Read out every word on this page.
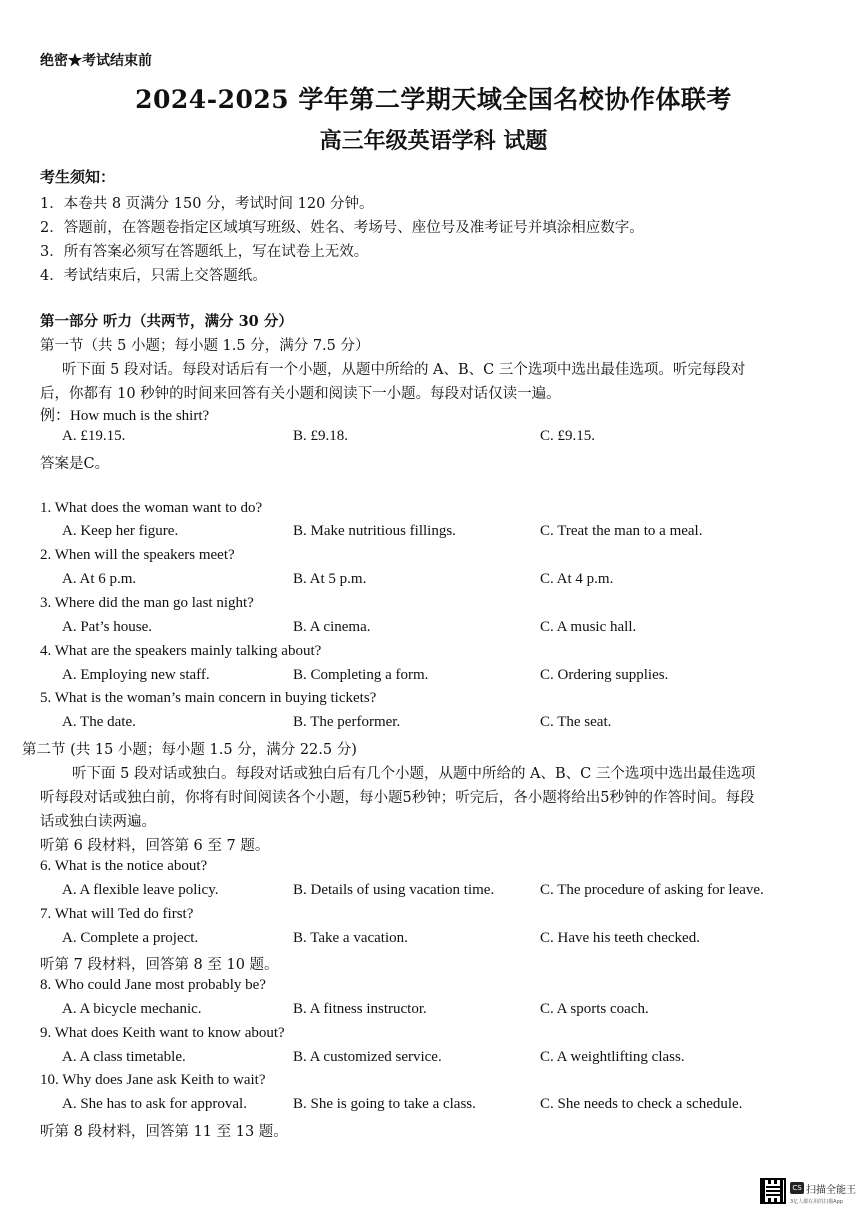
绝密★考试结束前
2024-2025 学年第二学期天域全国名校协作体联考
高三年级英语学科 试题
考生须知：
1．本卷共 8 页满分 150 分，考试时间 120 分钟。
2．答题前，在答题卷指定区域填写班级、姓名、考场号、座位号及准考证号并填涂相应数字。
3．所有答案必须写在答题纸上，写在试卷上无效。
4．考试结束后，只需上交答题纸。
第一部分 听力（共两节，满分 30 分）
第一节（共 5 小题；每小题 1.5 分，满分 7.5 分）
听下面 5 段对话。每段对话后有一个小题，从题中所给的 A、B、C 三个选项中选出最佳选项。听完每段对
后，你都有 10 秒钟的时间来回答有关小题和阅读下一小题。每段对话仅读一遍。
例：How much is the shirt?
A. £19.15.	B. £9.18.	C. £9.15.
答案是C。
1. What does the woman want to do?
A. Keep her figure.	B. Make nutritious fillings.	C. Treat the man to a meal.
2. When will the speakers meet?
A. At 6 p.m.	B. At 5 p.m.	C. At 4 p.m.
3. Where did the man go last night?
A. Pat’s house.	B. A cinema.	C. A music hall.
4. What are the speakers mainly talking about?
A. Employing new staff.	B. Completing a form.	C. Ordering supplies.
5. What is the woman’s main concern in buying tickets?
A. The date.	B. The performer.	C. The seat.
第二节 (共 15 小题；每小题 1.5 分，满分 22.5 分)
听下面 5 段对话或独白。每段对话或独白后有几个小题，从题中所给的 A、B、C 三个选项中选出最佳选项
听每段对话或独白前，你将有时间阅读各个小题，每小题5秒钟；听完后，各小题将给出5秒钟的作答时间。每段
话或独白读两遍。
听第 6 段材料，回答第 6 至 7 题。
6. What is the notice about?
A. A flexible leave policy.	B. Details of using vacation time.	C. The procedure of asking for leave.
7. What will Ted do first?
A. Complete a project.	B. Take a vacation.	C. Have his teeth checked.
听第 7 段材料，回答第 8 至 10 题。
8. Who could Jane most probably be?
A. A bicycle mechanic.	B. A fitness instructor.	C. A sports coach.
9. What does Keith want to know about?
A. A class timetable.	B. A customized service.	C. A weightlifting class.
10. Why does Jane ask Keith to wait?
A. She has to ask for approval.	B. She is going to take a class.	C. She needs to check a schedule.
听第 8 段材料，回答第 11 至 13 题。
CS 扫描全能王
3亿人都在用的扫描App
